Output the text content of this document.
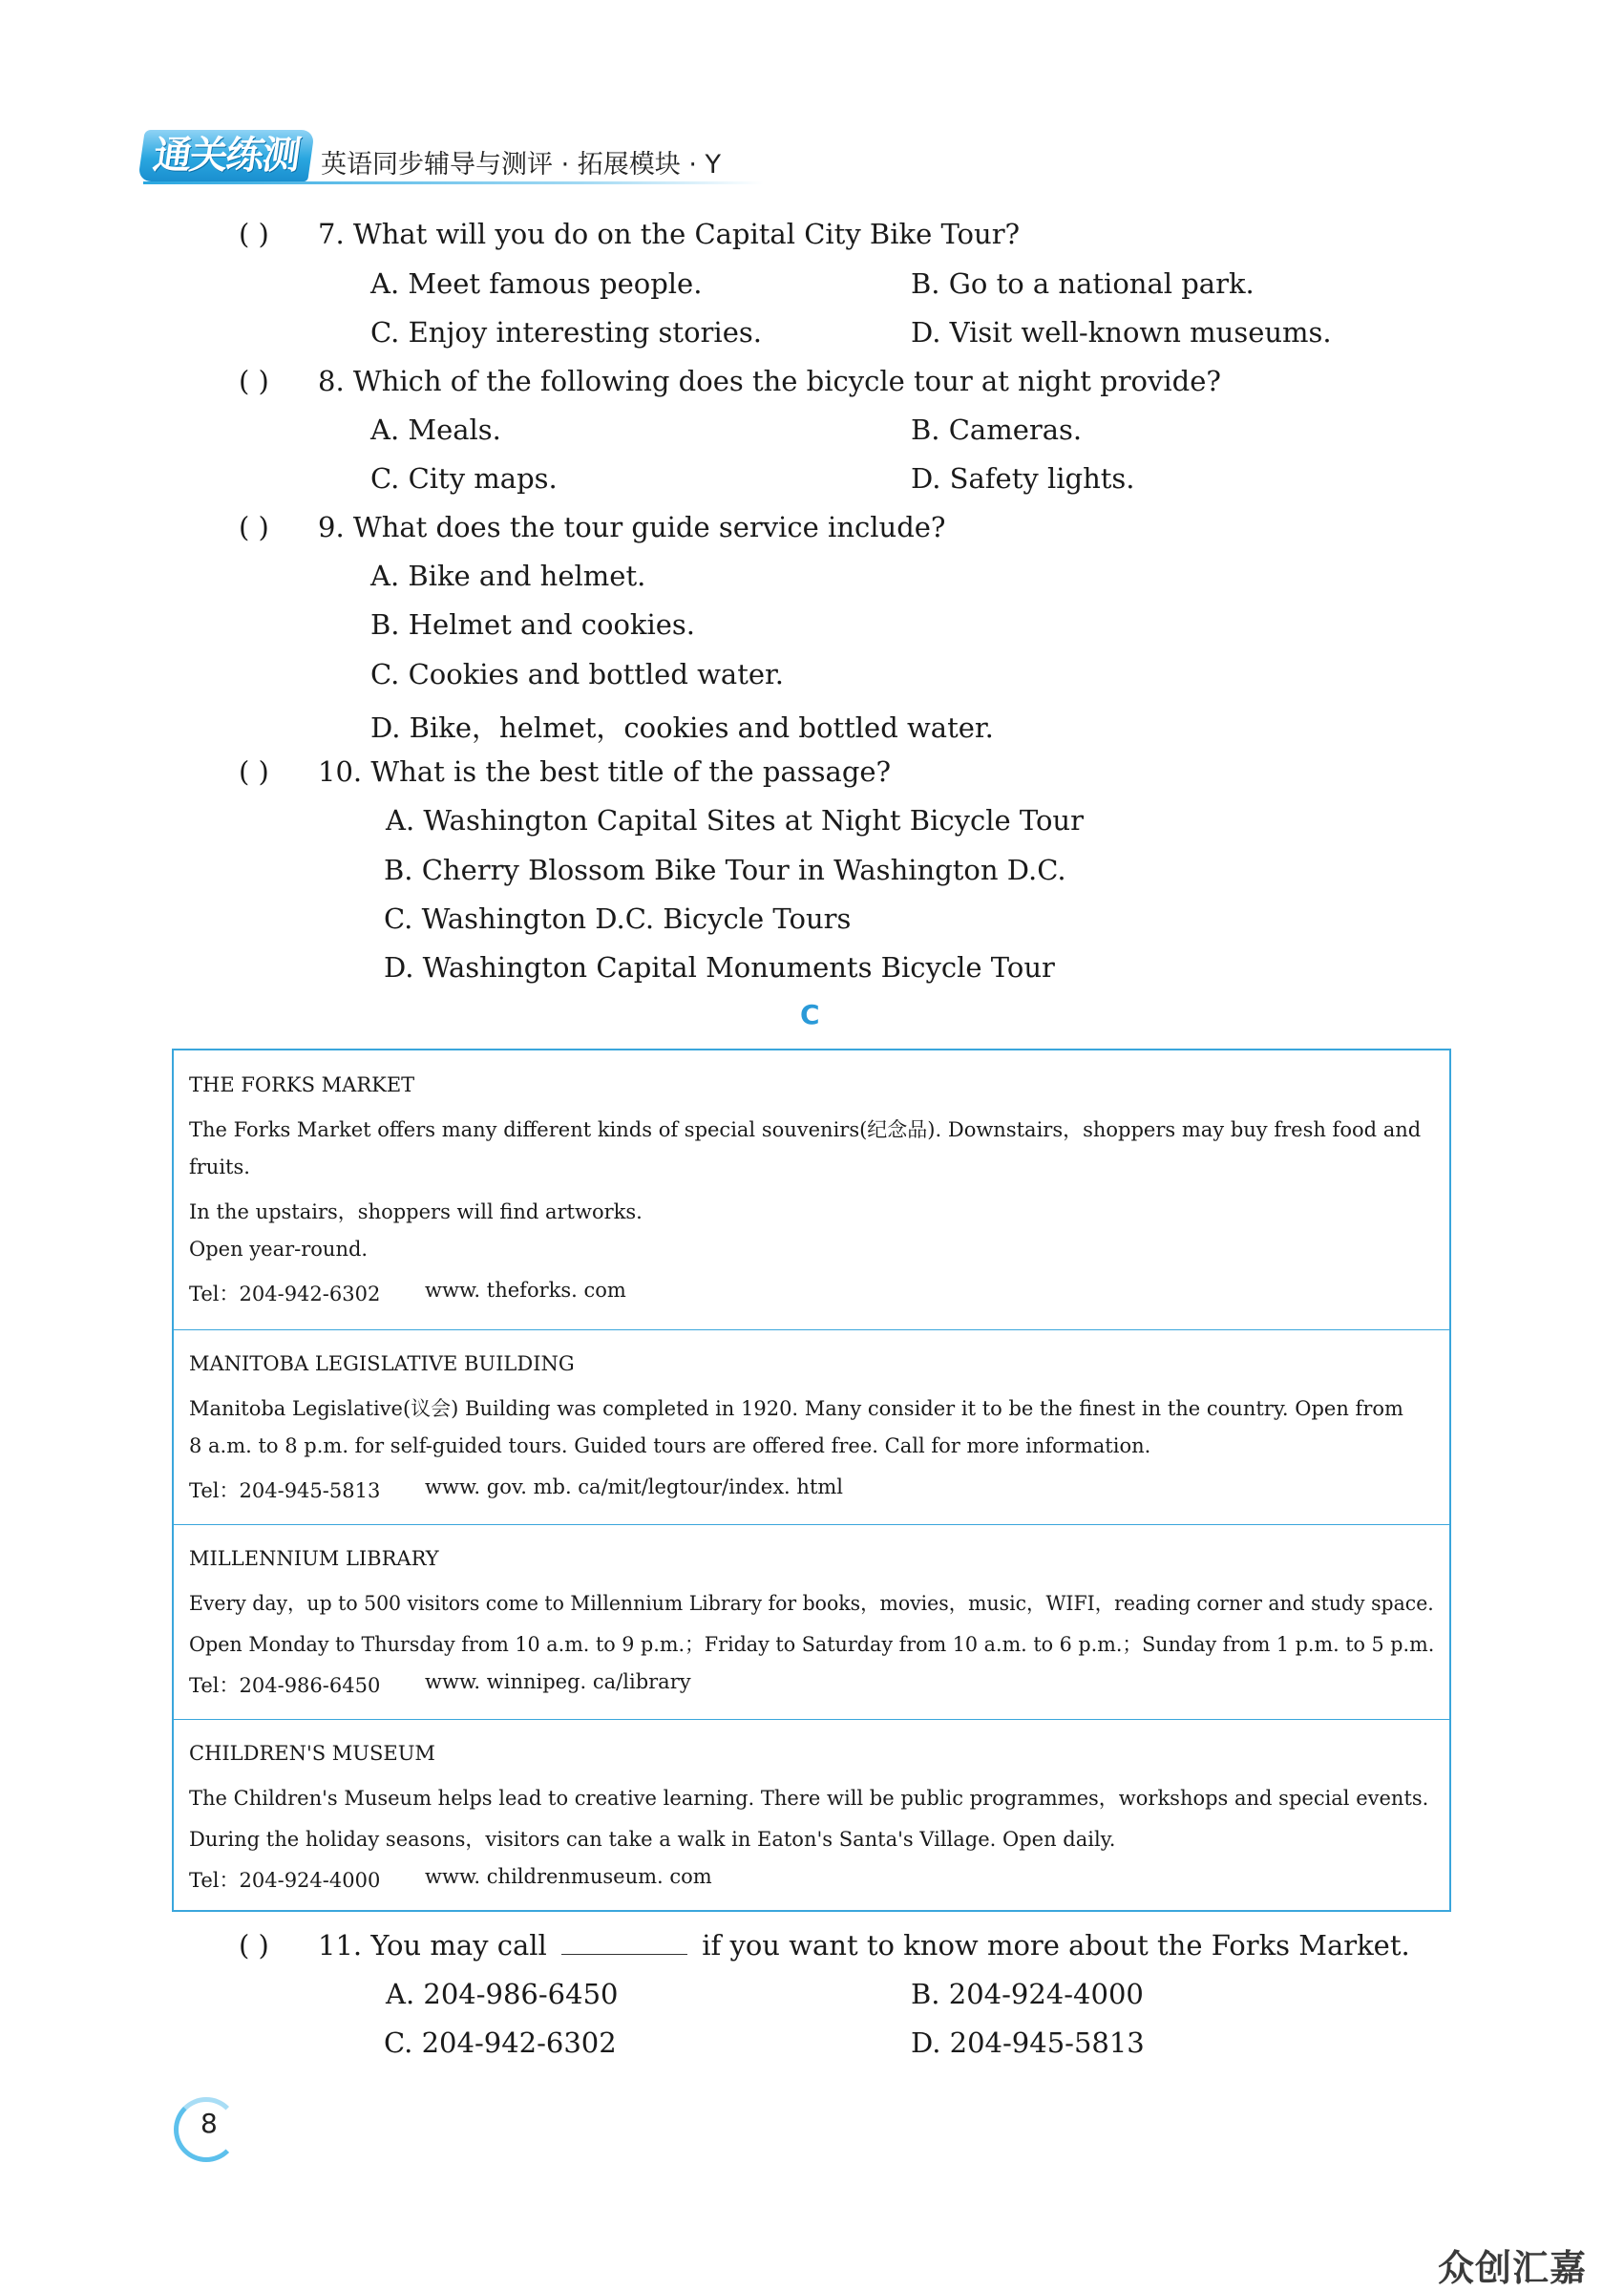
通关练测 英语同步辅导与测评 · 拓展模块 · Y
( ) 7. What will you do on the Capital City Bike Tour?
A. Meet famous people.	B. Go to a national park.
C. Enjoy interesting stories.	D. Visit well-known museums.
( ) 8. Which of the following does the bicycle tour at night provide?
A. Meals.	B. Cameras.
C. City maps.	D. Safety lights.
( ) 9. What does the tour guide service include?
A. Bike and helmet.
B. Helmet and cookies.
C. Cookies and bottled water.
D. Bike，helmet，cookies and bottled water.
( ) 10. What is the best title of the passage?
A. Washington Capital Sites at Night Bicycle Tour
B. Cherry Blossom Bike Tour in Washington D.C.
C. Washington D.C. Bicycle Tours
D. Washington Capital Monuments Bicycle Tour
C
THE FORKS MARKET
The Forks Market offers many different kinds of special souvenirs(纪念品). Downstairs，shoppers may buy fresh food and
fruits.
In the upstairs，shoppers will find artworks.
Open year-round.
Tel：204-942-6302 www. theforks. com
MANITOBA LEGISLATIVE BUILDING
Manitoba Legislative(议会) Building was completed in 1920. Many consider it to be the finest in the country. Open from
8 a.m. to 8 p.m. for self-guided tours. Guided tours are offered free. Call for more information.
Tel：204-945-5813 www. gov. mb. ca/mit/legtour/index. html
MILLENNIUM LIBRARY
Every day，up to 500 visitors come to Millennium Library for books，movies，music，WIFI，reading corner and study space.
Open Monday to Thursday from 10 a.m. to 9 p.m.；Friday to Saturday from 10 a.m. to 6 p.m.；Sunday from 1 p.m. to 5 p.m.
Tel：204-986-6450 www. winnipeg. ca/library
CHILDREN'S MUSEUM
The Children's Museum helps lead to creative learning. There will be public programmes，workshops and special events.
During the holiday seasons，visitors can take a walk in Eaton's Santa's Village. Open daily.
Tel：204-924-4000 www. childrenmuseum. com
( ) 11. You may call	if you want to know more about the Forks Market.
A. 204-986-6450	B. 204-924-4000
C. 204-942-6302	D. 204-945-5813
8
众创汇嘉
